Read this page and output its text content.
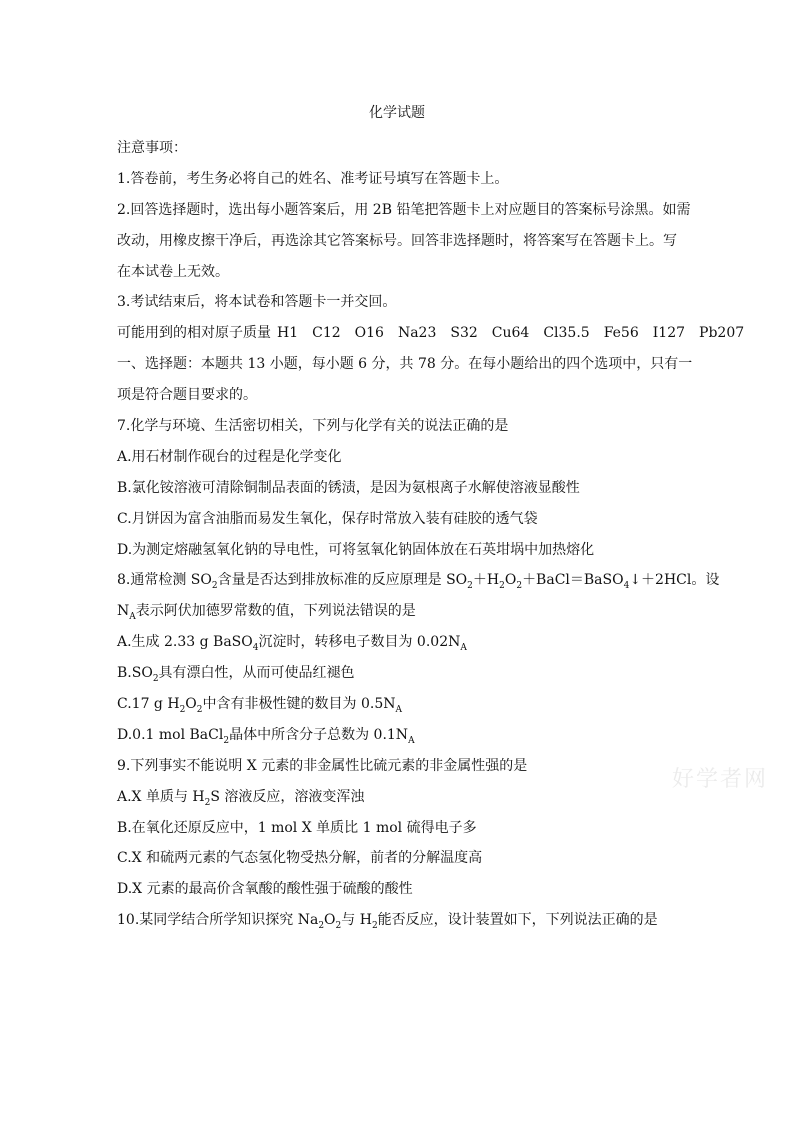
化学试题
注意事项：
1.答卷前，考生务必将自己的姓名、准考证号填写在答题卡上。
2.回答选择题时，选出每小题答案后，用 2B 铅笔把答题卡上对应题目的答案标号涂黑。如需
改动，用橡皮擦干净后，再选涂其它答案标号。回答非选择题时，将答案写在答题卡上。写
在本试卷上无效。
3.考试结束后，将本试卷和答题卡一并交回。
可能用到的相对原子质量 H1 C12 O16 Na23 S32 Cu64 Cl35.5 Fe56 I127 Pb207
一、选择题：本题共 13 小题，每小题 6 分，共 78 分。在每小题给出的四个选项中，只有一
项是符合题目要求的。
7.化学与环境、生活密切相关，下列与化学有关的说法正确的是
A.用石材制作砚台的过程是化学变化
B.氯化铵溶液可清除铜制品表面的锈渍，是因为氨根离子水解使溶液显酸性
C.月饼因为富含油脂而易发生氧化，保存时常放入装有硅胶的透气袋
D.为测定熔融氢氧化钠的导电性，可将氢氧化钠固体放在石英坩埚中加热熔化
8.通常检测 $SO_2$含量是否达到排放标准的反应原理是 $SO_2+H_2O_2+BaCl=BaSO_4↓+2HCl$。设
$N_A$表示阿伏加德罗常数的值，下列说法错误的是
A.生成 2.33 g BaSO$_4$沉淀时，转移电子数目为 $0.02N_A$
$B.SO_2$具有漂白性，从而可使品红褪色
C.17 g $H_2O_2$中含有非极性键的数目为 $0.5N_A$
D.0.1 mol BaCl$_2$晶体中所含分子总数为 $0.1N_A$
9.下列事实不能说明 X 元素的非金属性比硫元素的非金属性强的是
A.X 单质与 $H_2S$ 溶液反应，溶液变浑浊
B.在氧化还原反应中，1 mol X 单质比 1 mol 硫得电子多
C.X 和硫两元素的气态氢化物受热分解，前者的分解温度高
D.X 元素的最高价含氧酸的酸性强于硫酸的酸性
10.某同学结合所学知识探究 $Na_2O_2$与 $H_2$能否反应，设计装置如下，下列说法正确的是
好学者网
